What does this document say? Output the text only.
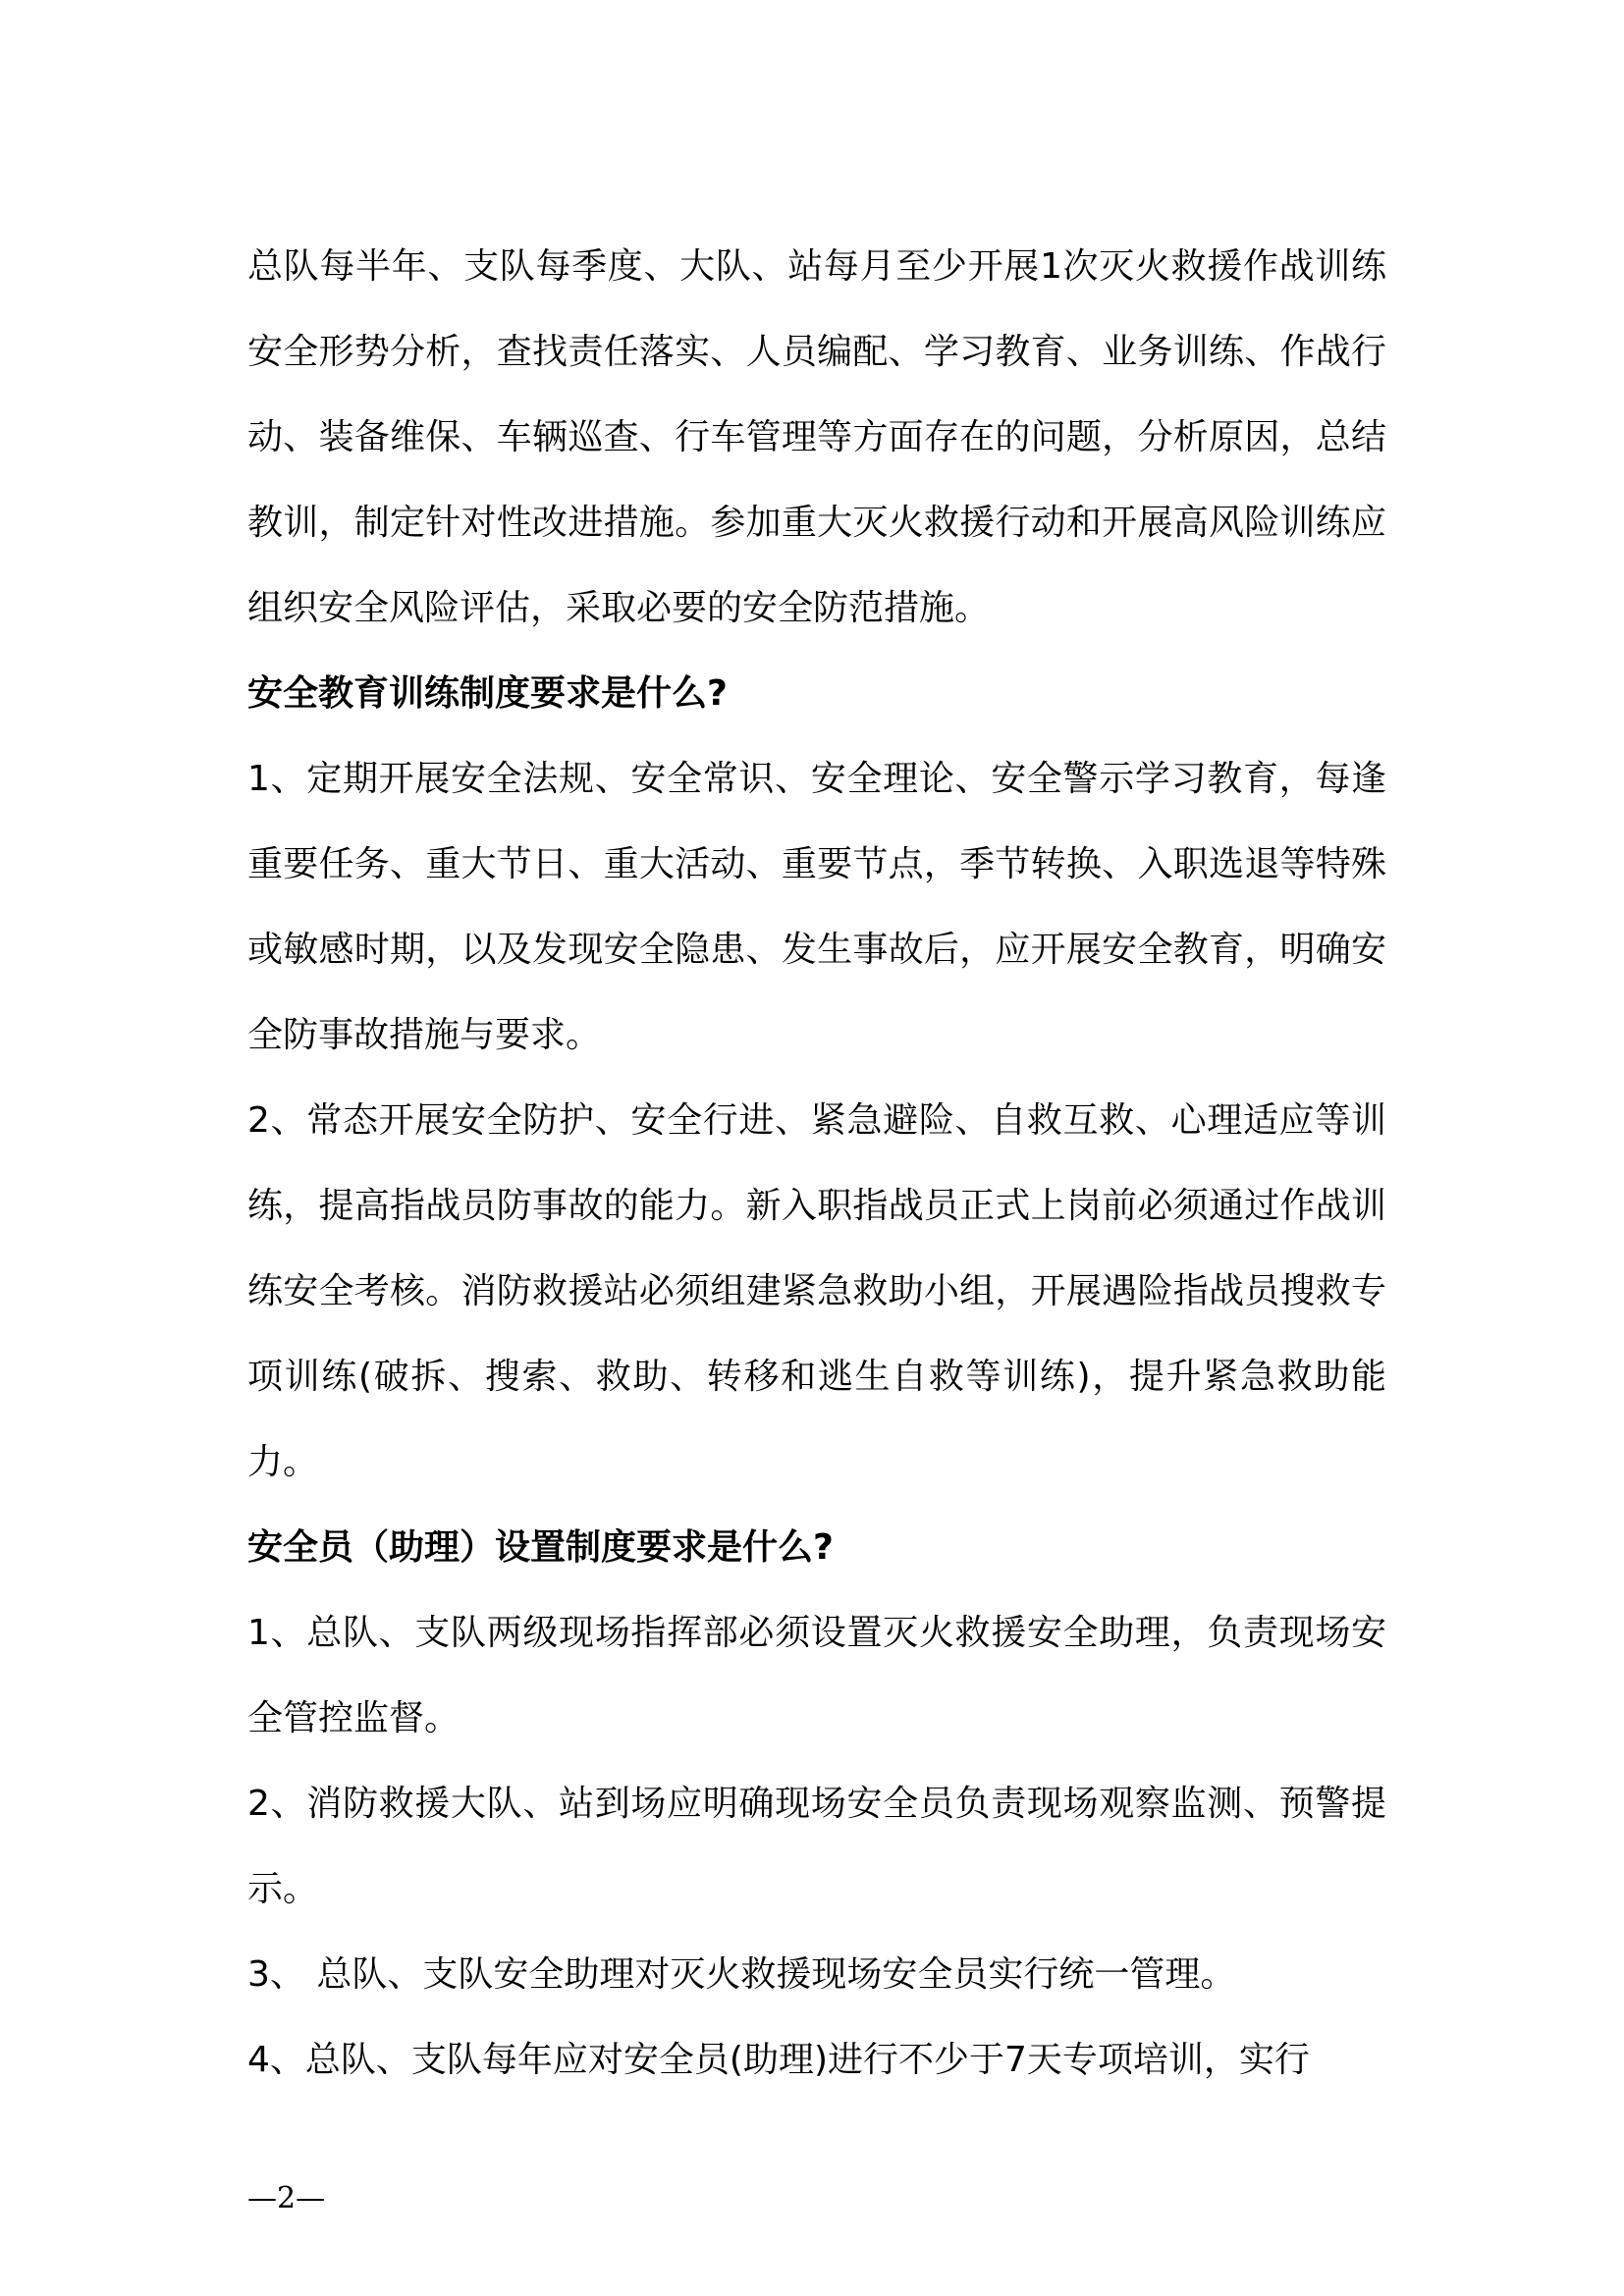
总队每半年、支队每季度、大队、站每月至少开展1次灭火救援作战训练安全形势分析，查找责任落实、人员编配、学习教育、业务训练、作战行动、装备维保、车辆巡查、行车管理等方面存在的问题，分析原因，总结教训，制定针对性改进措施。参加重大灭火救援行动和开展高风险训练应组织安全风险评估，采取必要的安全防范措施。

安全教育训练制度要求是什么?

1、定期开展安全法规、安全常识、安全理论、安全警示学习教育，每逢重要任务、重大节日、重大活动、重要节点，季节转换、入职选退等特殊或敏感时期，以及发现安全隐患、发生事故后，应开展安全教育，明确安全防事故措施与要求。

2、常态开展安全防护、安全行进、紧急避险、自救互救、心理适应等训练，提高指战员防事故的能力。新入职指战员正式上岗前必须通过作战训练安全考核。消防救援站必须组建紧急救助小组，开展遇险指战员搜救专项训练(破拆、搜索、救助、转移和逃生自救等训练)，提升紧急救助能力。

安全员（助理）设置制度要求是什么?

1、总队、支队两级现场指挥部必须设置灭火救援安全助理，负责现场安全管控监督。

2、消防救援大队、站到场应明确现场安全员负责现场观察监测、预警提示。

3、 总队、支队安全助理对灭火救援现场安全员实行统一管理。

4、总队、支队每年应对安全员(助理)进行不少于7天专项培训，实行

—2—
